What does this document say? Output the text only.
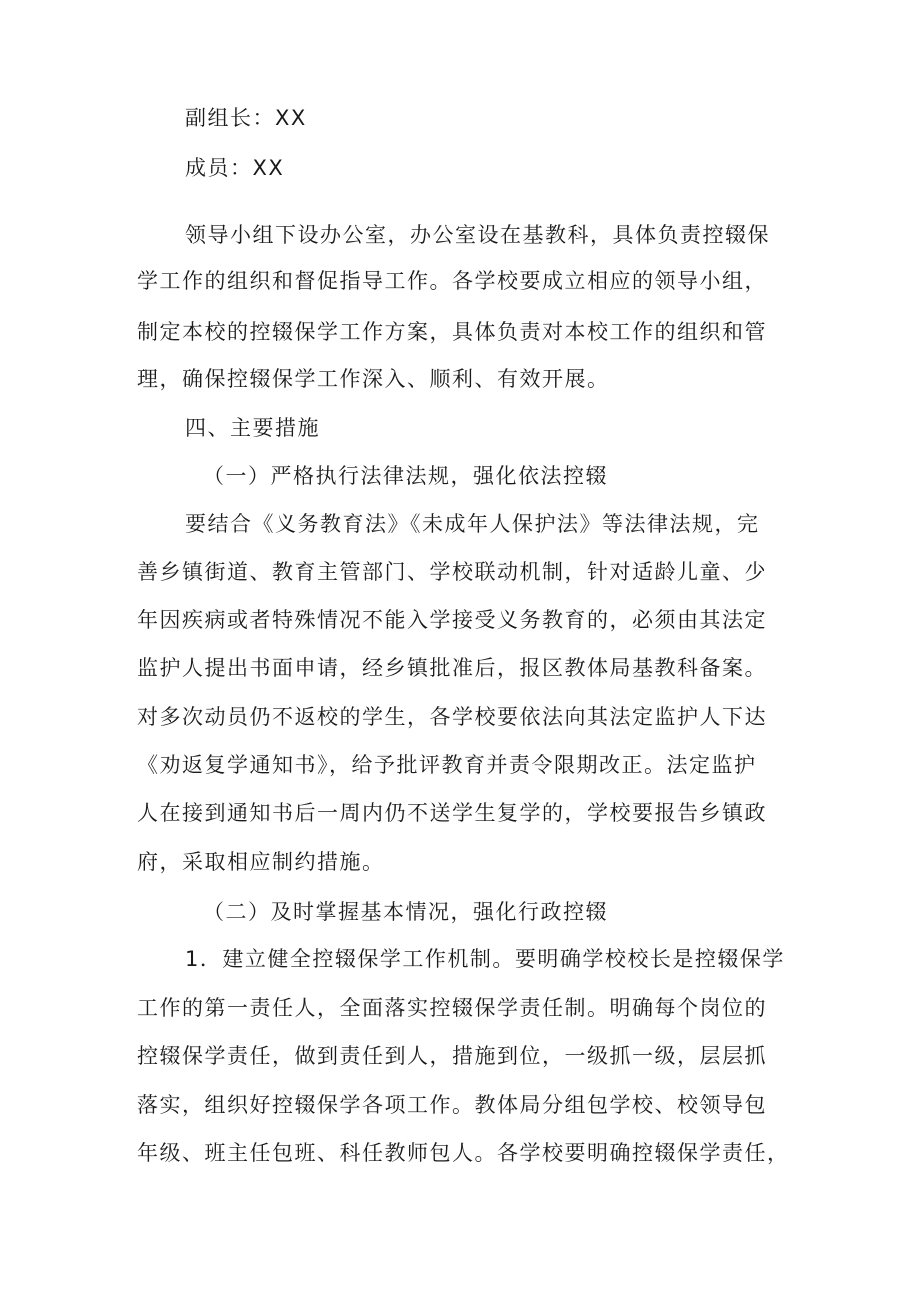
副组长：XX
成员：XX
领导小组下设办公室，办公室设在基教科，具体负责控辍保
学工作的组织和督促指导工作。各学校要成立相应的领导小组，
制定本校的控辍保学工作方案，具体负责对本校工作的组织和管
理，确保控辍保学工作深入、顺利、有效开展。
四、主要措施
（一）严格执行法律法规，强化依法控辍
要结合《义务教育法》《未成年人保护法》等法律法规，完
善乡镇街道、教育主管部门、学校联动机制，针对适龄儿童、少
年因疾病或者特殊情况不能入学接受义务教育的，必须由其法定
监护人提出书面申请，经乡镇批准后，报区教体局基教科备案。
对多次动员仍不返校的学生，各学校要依法向其法定监护人下达
《劝返复学通知书》，给予批评教育并责令限期改正。法定监护
人在接到通知书后一周内仍不送学生复学的，学校要报告乡镇政
府，采取相应制约措施。
（二）及时掌握基本情况，强化行政控辍
1．建立健全控辍保学工作机制。要明确学校校长是控辍保学
工作的第一责任人，全面落实控辍保学责任制。明确每个岗位的
控辍保学责任，做到责任到人，措施到位，一级抓一级，层层抓
落实，组织好控辍保学各项工作。教体局分组包学校、校领导包
年级、班主任包班、科任教师包人。各学校要明确控辍保学责任，
